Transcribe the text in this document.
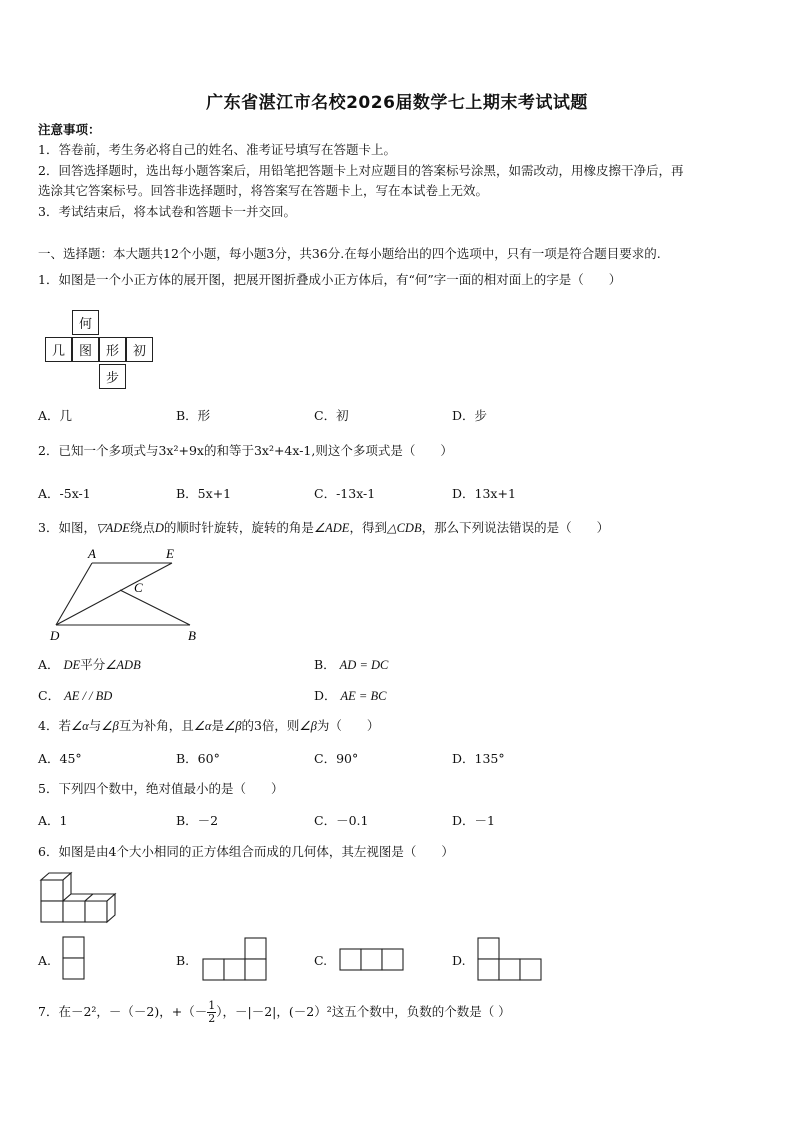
广东省湛江市名校2026届数学七上期末考试试题
注意事项：
1．答卷前，考生务必将自己的姓名、准考证号填写在答题卡上。
2．回答选择题时，选出每小题答案后，用铅笔把答题卡上对应题目的答案标号涂黑，如需改动，用橡皮擦干净后，再
选涂其它答案标号。回答非选择题时，将答案写在答题卡上，写在本试卷上无效。
3．考试结束后，将本试卷和答题卡一并交回。
一、选择题：本大题共12个小题，每小题3分，共36分.在每小题给出的四个选项中，只有一项是符合题目要求的.
1．如图是一个小正方体的展开图，把展开图折叠成小正方体后，有“何”字一面的相对面上的字是（　　）
何
几	图	形	初
步
A．几	B．形	C．初	D．步
2．已知一个多项式与3x²+9x的和等于3x²+4x-1,则这个多项式是（　　）
A．-5x-1	B．5x+1	C．-13x-1	D．13x+1
3．如图，▽ADE绕点D的顺时针旋转，旋转的角是∠ADE，得到△CDB，那么下列说法错误的是（　　）
A	E
C
D	B
A． DE平分∠ADB	B． AD = DC
C． AE / / BD	D． AE = BC
4．若∠α与∠β互为补角，且∠α是∠β的3倍，则∠β为（　　）
A．45°	B．60°	C．90°	D．135°
5．下列四个数中，绝对值最小的是（　　）
A．1	B．－2	C．－0.1	D．－1
6．如图是由4个大小相同的正方体组合而成的几何体，其左视图是（　　）
A.	B.	C.	D.
7．在－2²，－（－2)，+（－ $\frac{1}{2}$ ），－|－2|，(－2）²这五个数中，负数的个数是（ ）
